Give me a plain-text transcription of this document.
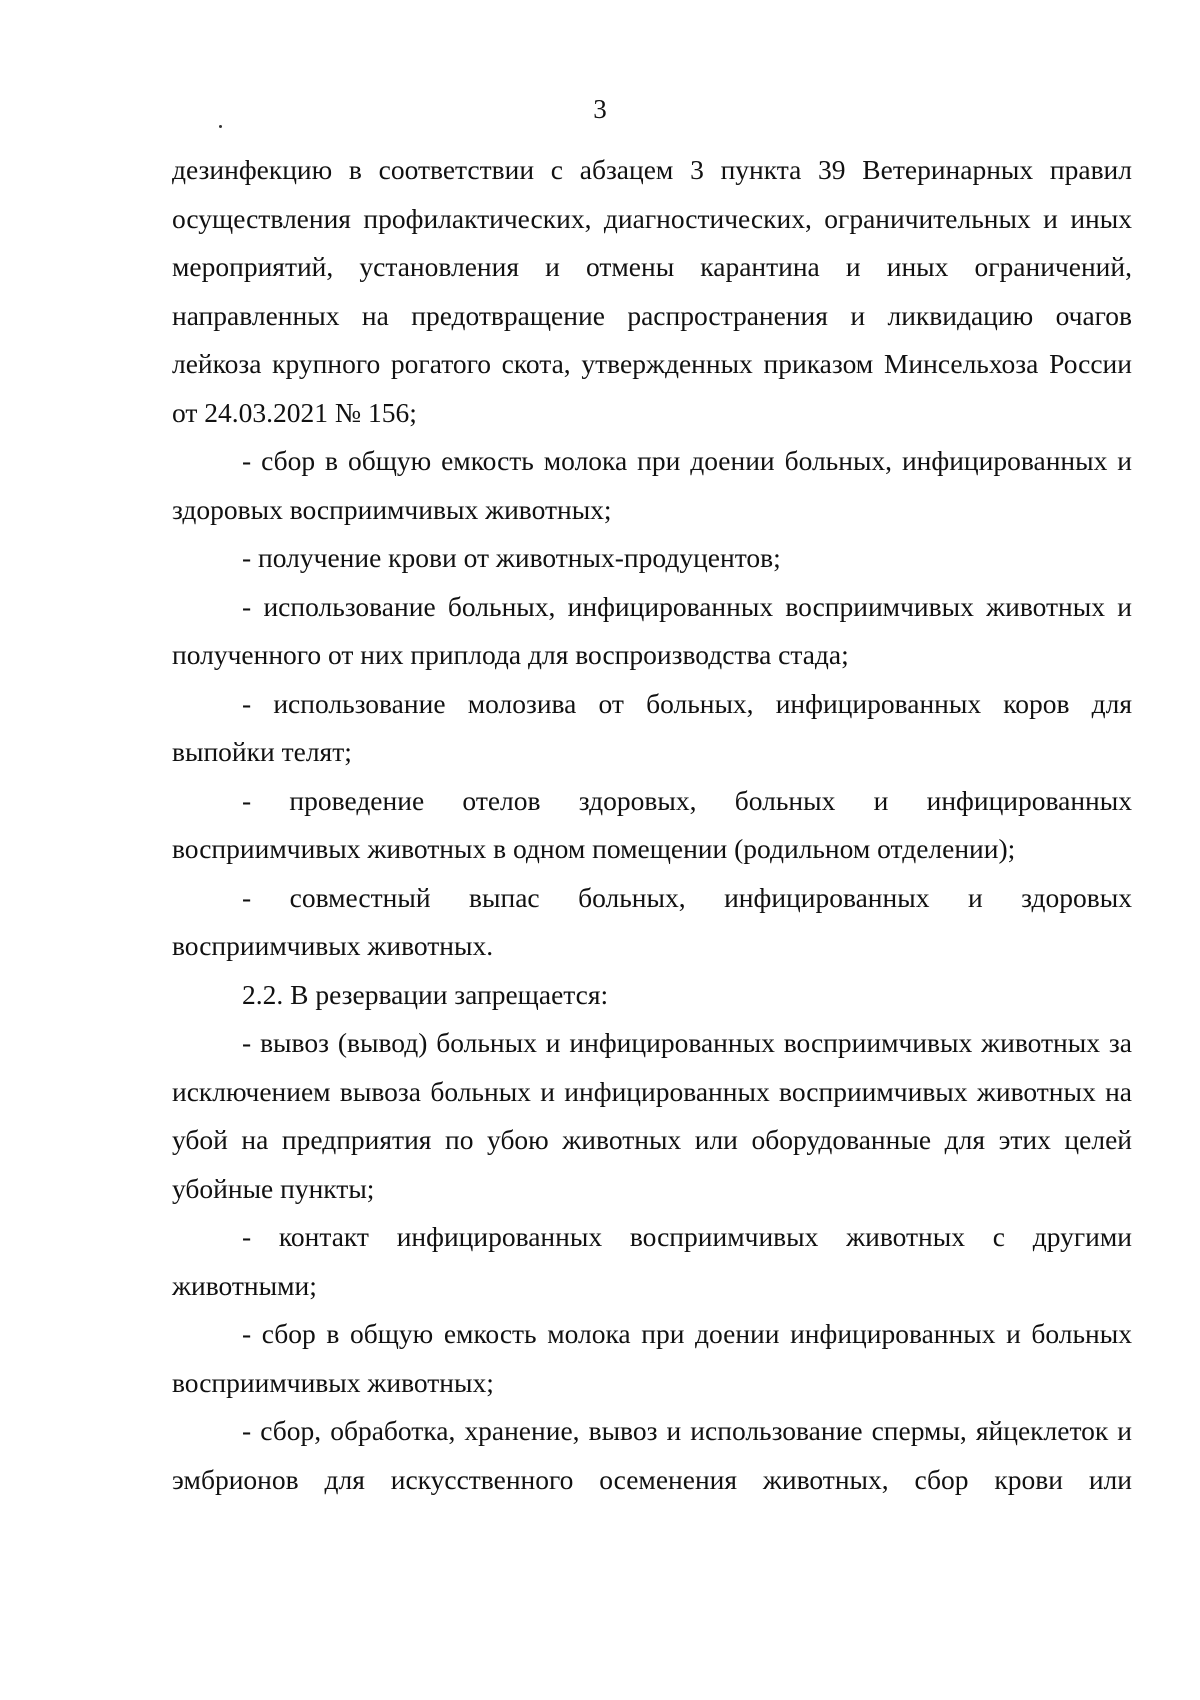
3

дезинфекцию в соответствии с абзацем 3 пункта 39 Ветеринарных правил осуществления профилактических, диагностических, ограничительных и иных мероприятий, установления и отмены карантина и иных ограничений, направленных на предотвращение распространения и ликвидацию очагов лейкоза крупного рогатого скота, утвержденных приказом Минсельхоза России от 24.03.2021 № 156;

- сбор в общую емкость молока при доении больных, инфицированных и здоровых восприимчивых животных;

- получение крови от животных-продуцентов;

- использование больных, инфицированных восприимчивых животных и полученного от них приплода для воспроизводства стада;

- использование молозива от больных, инфицированных коров для выпойки телят;

- проведение отелов здоровых, больных и инфицированных восприимчивых животных в одном помещении (родильном отделении);

- совместный выпас больных, инфицированных и здоровых восприимчивых животных.

2.2. В резервации запрещается:

- вывоз (вывод) больных и инфицированных восприимчивых животных за исключением вывоза больных и инфицированных восприимчивых животных на убой на предприятия по убою животных или оборудованные для этих целей убойные пункты;

- контакт инфицированных восприимчивых животных с другими животными;

- сбор в общую емкость молока при доении инфицированных и больных восприимчивых животных;

- сбор, обработка, хранение, вывоз и использование спермы, яйцеклеток и эмбрионов для искусственного осеменения животных, сбор крови или
